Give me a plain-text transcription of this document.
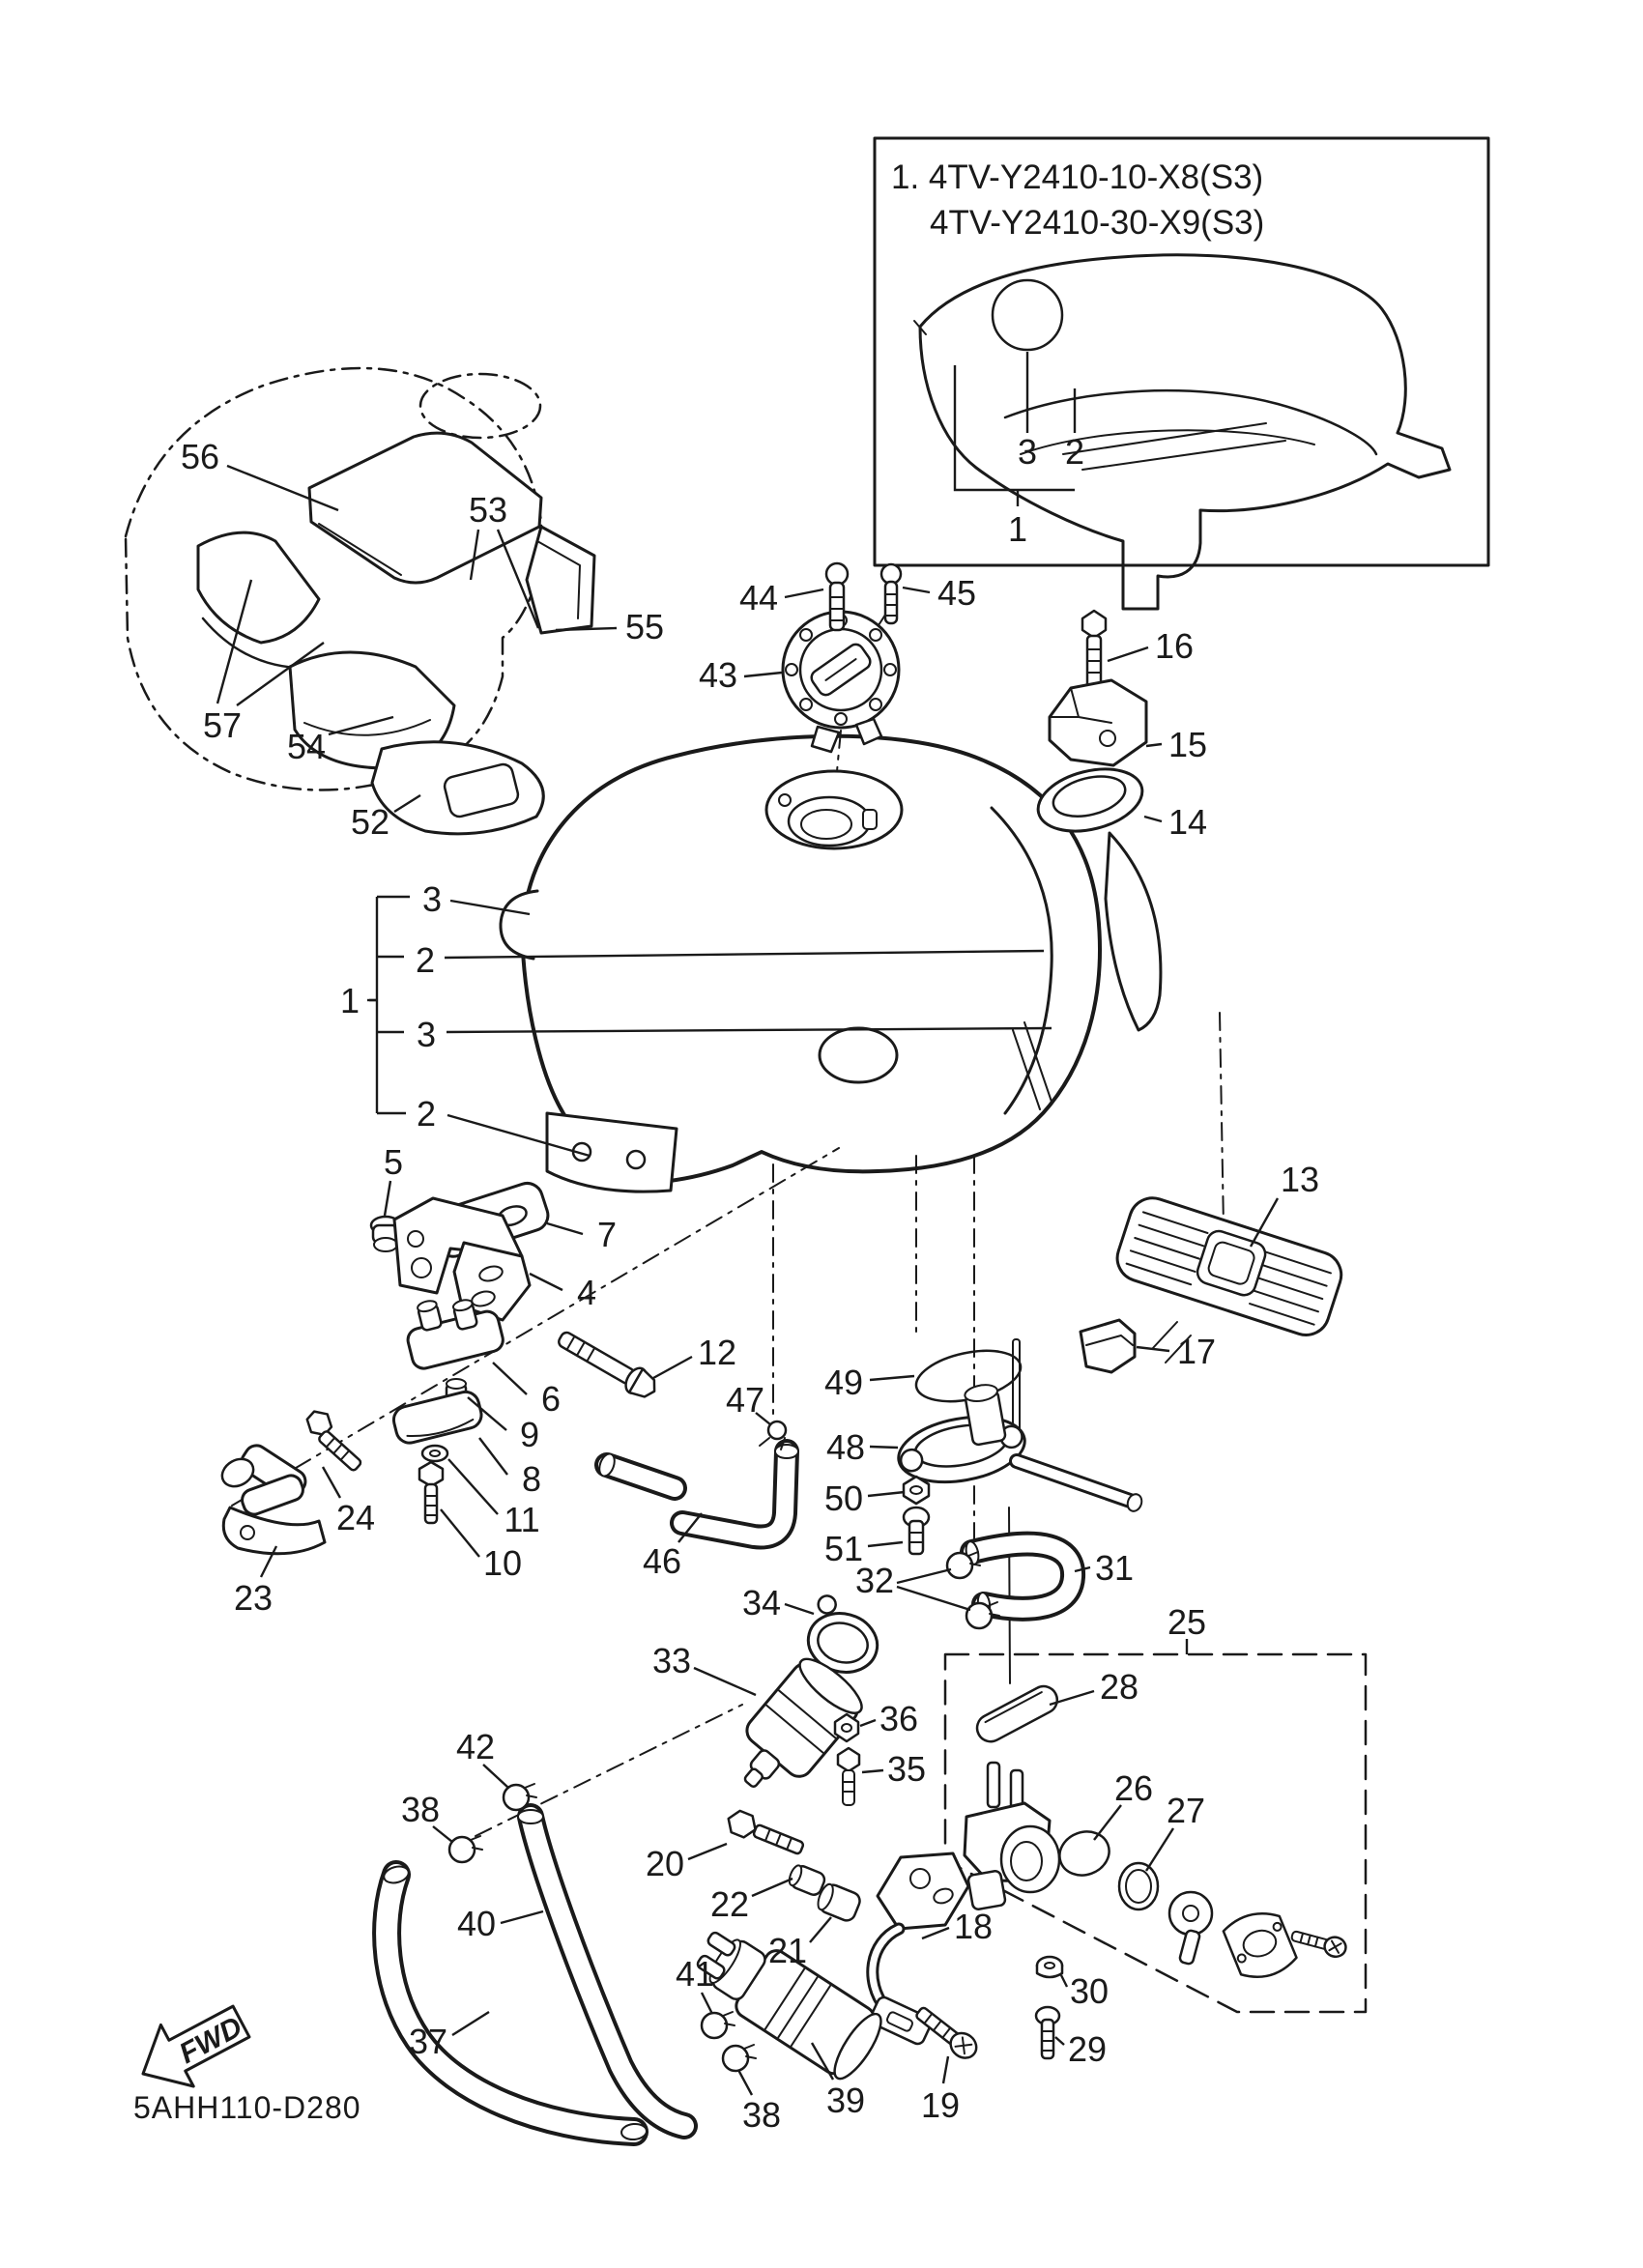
1. 4TV-Y2410-10-X8(S3)
4TV-Y2410-30-X9(S3)
FWD
5AHH110-D280
56
53
55
57
54
52
44	45
43
16
15
14
13
17
3
2
1
3
2
5
7
4
12
6
9
8
11
10
24
23
47 49
48
50
51
46
34
33
32
36
35
31
25
28
26
27
30
29
42
38
40
37
20
22
21
18
41
39
38	19
3 2
1
